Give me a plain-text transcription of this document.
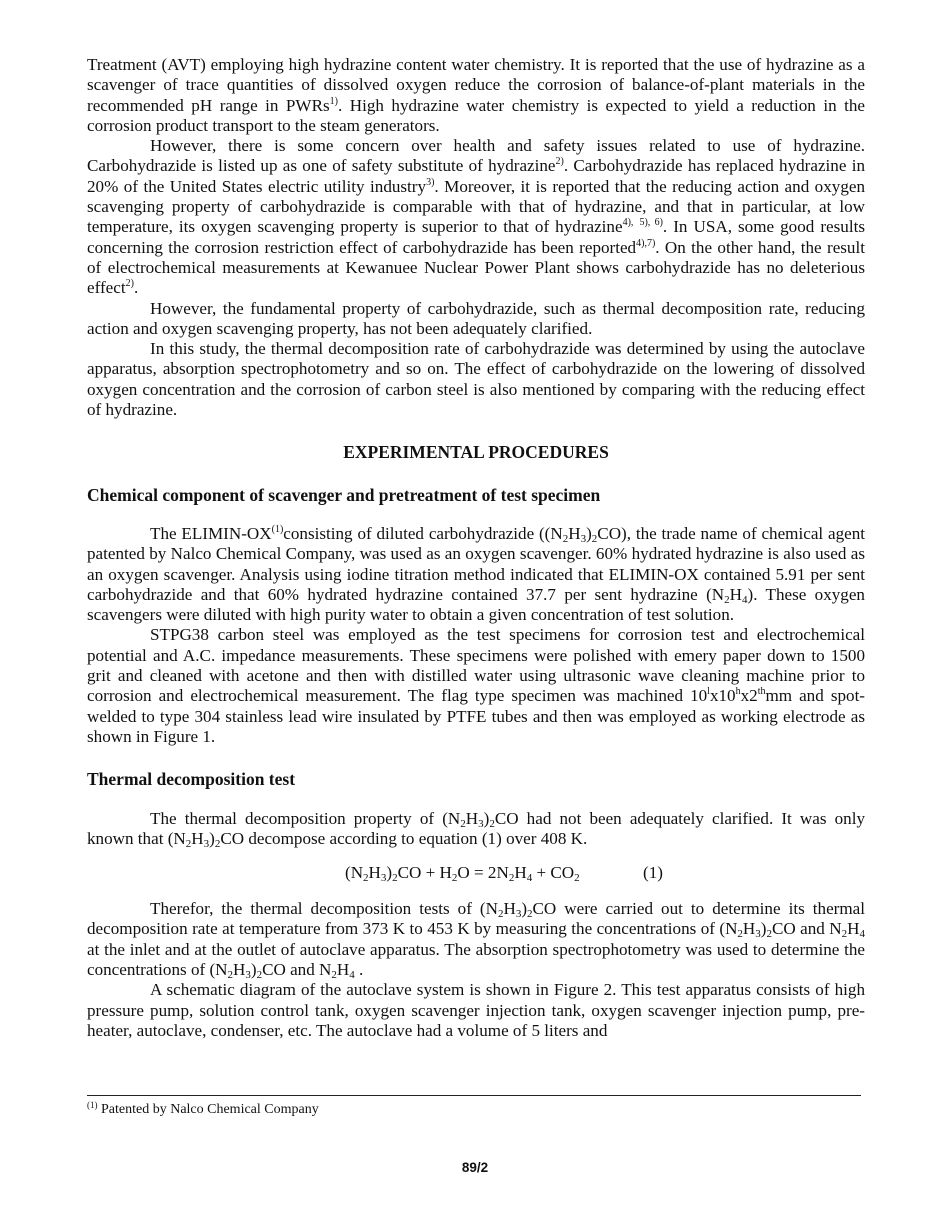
Treatment (AVT) employing high hydrazine content water chemistry. It is reported that the use of hydrazine as a scavenger of trace quantities of dissolved oxygen reduce the corrosion of balance-of-plant materials in the recommended pH range in PWRs$^{1)}$. High hydrazine water chemistry is expected to yield a reduction in the corrosion product transport to the steam generators.

However, there is some concern over health and safety issues related to use of hydrazine. Carbohydrazide is listed up as one of safety substitute of hydrazine$^{2)}$. Carbohydrazide has replaced hydrazine in 20% of the United States electric utility industry$^{3)}$. Moreover, it is reported that the reducing action and oxygen scavenging property of carbohydrazide is comparable with that of hydrazine, and that in particular, at low temperature, its oxygen scavenging property is superior to that of hydrazine$^{4),}$ $^{5), 6)}$. In USA, some good results concerning the corrosion restriction effect of carbohydrazide has been reported$^{4),7)}$. On the other hand, the result of electrochemical measurements at Kewanuee Nuclear Power Plant shows carbohydrazide has no deleterious effect$^{2)}$.

However, the fundamental property of carbohydrazide, such as thermal decomposition rate, reducing action and oxygen scavenging property, has not been adequately clarified.

In this study, the thermal decomposition rate of carbohydrazide was determined by using the autoclave apparatus, absorption spectrophotometry and so on. The effect of carbohydrazide on the lowering of dissolved oxygen concentration and the corrosion of carbon steel is also mentioned by comparing with the reducing effect of hydrazine.

EXPERIMENTAL PROCEDURES

Chemical component of scavenger and pretreatment of test specimen

The ELIMIN-OX$^{(1)}$consisting of diluted carbohydrazide $((N_2H_3)_2CO)$, the trade name of chemical agent patented by Nalco Chemical Company, was used as an oxygen scavenger. 60% hydrated hydrazine is also used as an oxygen scavenger. Analysis using iodine titration method indicated that ELIMIN-OX contained 5.91 per sent carbohydrazide and that 60% hydrated hydrazine contained 37.7 per sent hydrazine $(N_2H_4)$. These oxygen scavengers were diluted with high purity water to obtain a given concentration of test solution.

STPG38 carbon steel was employed as the test specimens for corrosion test and electrochemical potential and A.C. impedance measurements. These specimens were polished with emery paper down to 1500 grit and cleaned with acetone and then with distilled water using ultrasonic wave cleaning machine prior to corrosion and electrochemical measurement. The flag type specimen was machined 10$^l$x10$^h$x2thmm and spot-welded to type 304 stainless lead wire insulated by PTFE tubes and then was employed as working electrode as shown in Figure 1.

Thermal decomposition test

The thermal decomposition property of $(N_2H_3)_2CO$ had not been adequately clarified. It was only known that $(N_2H_3)_2CO$ decompose according to equation (1) over 408 K.

$(N_2H_3)_2CO + H_2O = 2N_2H_4 + CO_2$	(1)

Therefor, the thermal decomposition tests of $(N_2H_3)_2CO$ were carried out to determine its thermal decomposition rate at temperature from 373 K to 453 K by measuring the concentrations of $(N_2H_3)_2CO$ and $N_2H_4$ at the inlet and at the outlet of autoclave apparatus. The absorption spectrophotometry was used to determine the concentrations of $(N_2H_3)_2CO$ and $N_2H_4$ .

A schematic diagram of the autoclave system is shown in Figure 2. This test apparatus consists of high pressure pump, solution control tank, oxygen scavenger injection tank, oxygen scavenger injection pump, pre-heater, autoclave, condenser, etc. The autoclave had a volume of 5 liters and

$^{(1)}$ Patented by Nalco Chemical Company
89/2
